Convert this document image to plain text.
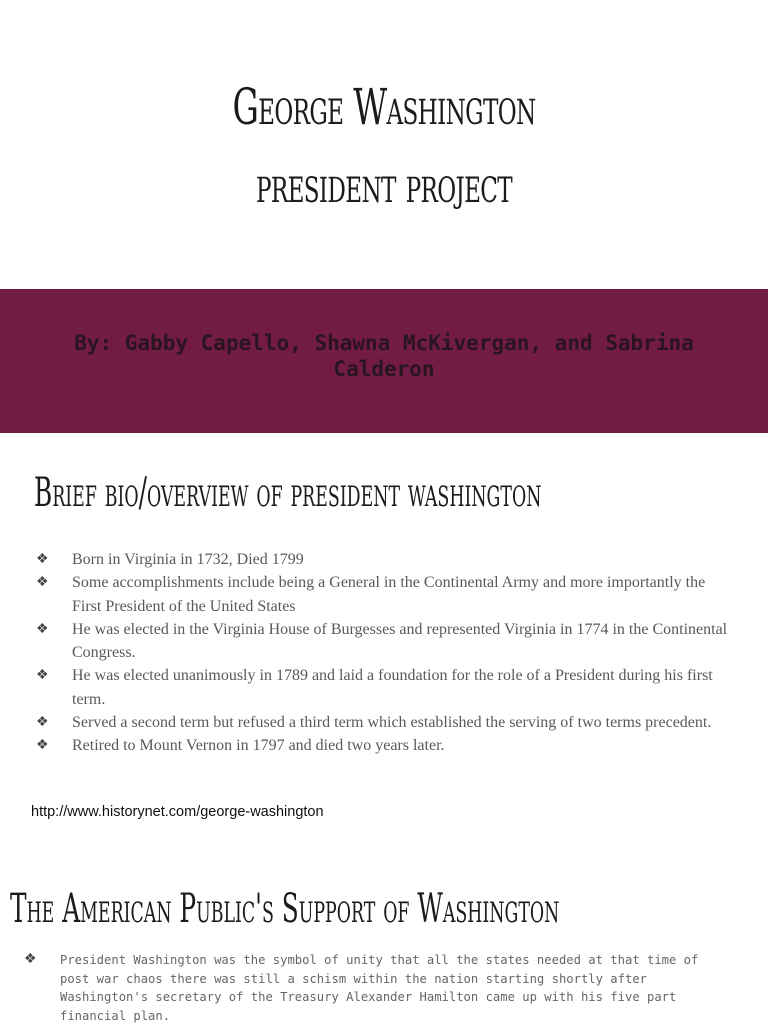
George Washington
president project
By: Gabby Capello, Shawna McKivergan, and Sabrina Calderon
Brief bio/overview of president washington
❖ Born in Virginia in 1732, Died 1799
❖ Some accomplishments include being a General in the Continental Army and more importantly the First President of the United States
❖ He was elected in the Virginia House of Burgesses and represented Virginia in 1774 in the Continental Congress.
❖ He was elected unanimously in 1789 and laid a foundation for the role of a President during his first term.
❖ Served a second term but refused a third term which established the serving of two terms precedent.
❖ Retired to Mount Vernon in 1797 and died two years later.
http://www.historynet.com/george-washington
The American Public's Support of Washington
❖ President Washington was the symbol of unity that all the states needed at that time of post war chaos there was still a schism within the nation starting shortly after Washington's secretary of the Treasury Alexander Hamilton came up with his five part financial plan.
